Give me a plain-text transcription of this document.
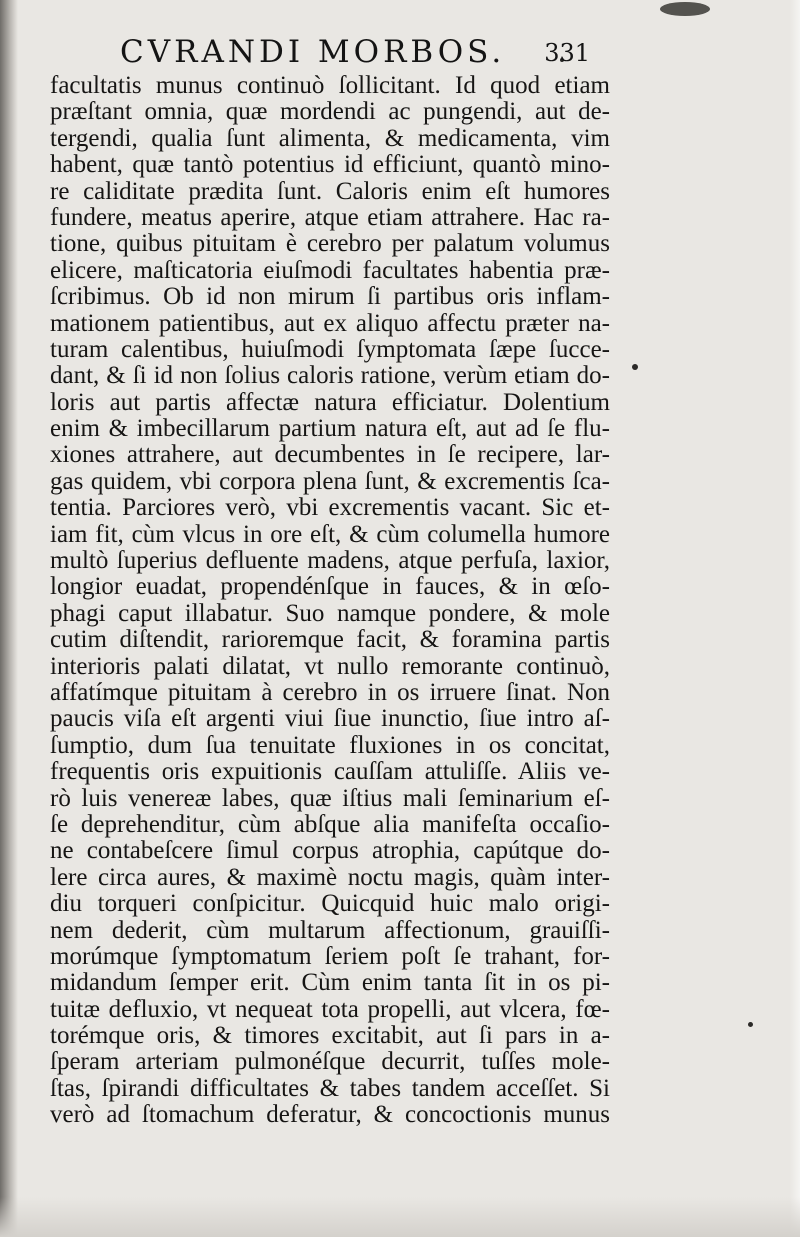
CVRANDI MORBOS. 331
facultatis munus continuò ſollicitant. Id quod etiam
præſtant omnia, quæ mordendi ac pungendi, aut de-
tergendi, qualia ſunt alimenta, & medicamenta, vim
habent, quæ tantò potentius id efficiunt, quantò mino-
re caliditate prædita ſunt. Caloris enim eſt humores
fundere, meatus aperire, atque etiam attrahere. Hac ra-
tione, quibus pituitam è cerebro per palatum volumus
elicere, maſticatoria eiuſmodi facultates habentia præ-
ſcribimus. Ob id non mirum ſi partibus oris inflam-
mationem patientibus, aut ex aliquo affectu præter na-
turam calentibus, huiuſmodi ſymptomata ſæpe ſucce-
dant, & ſi id non ſolius caloris ratione, verùm etiam do-
loris aut partis affectæ natura efficiatur. Dolentium
enim & imbecillarum partium natura eſt, aut ad ſe flu-
xiones attrahere, aut decumbentes in ſe recipere, lar-
gas quidem, vbi corpora plena ſunt, & excrementis ſca-
tentia. Parciores verò, vbi excrementis vacant. Sic et-
iam fit, cùm vlcus in ore eſt, & cùm columella humore
multò ſuperius defluente madens, atque perfuſa, laxior,
longior euadat, propendénſque in fauces, & in œſo-
phagi caput illabatur. Suo namque pondere, & mole
cutim diſtendit, rarioremque facit, & foramina partis
interioris palati dilatat, vt nullo remorante continuò,
affatímque pituitam à cerebro in os irruere ſinat. Non
paucis viſa eſt argenti viui ſiue inunctio, ſiue intro aſ-
ſumptio, dum ſua tenuitate fluxiones in os concitat,
frequentis oris expuitionis cauſſam attuliſſe. Aliis ve-
rò luis venereæ labes, quæ iſtius mali ſeminarium eſ-
ſe deprehenditur, cùm abſque alia manifeſta occaſio-
ne contabeſcere ſimul corpus atrophia, capútque do-
lere circa aures, & maximè noctu magis, quàm inter-
diu torqueri conſpicitur. Quicquid huic malo origi-
nem dederit, cùm multarum affectionum, grauiſſi-
morúmque ſymptomatum ſeriem poſt ſe trahant, for-
midandum ſemper erit. Cùm enim tanta ſit in os pi-
tuitæ defluxio, vt nequeat tota propelli, aut vlcera, fœ-
torémque oris, & timores excitabit, aut ſi pars in a-
ſperam arteriam pulmonéſque decurrit, tuſſes mole-
ſtas, ſpirandi difficultates & tabes tandem acceſſet. Si
verò ad ſtomachum deferatur, & concoctionis munus
